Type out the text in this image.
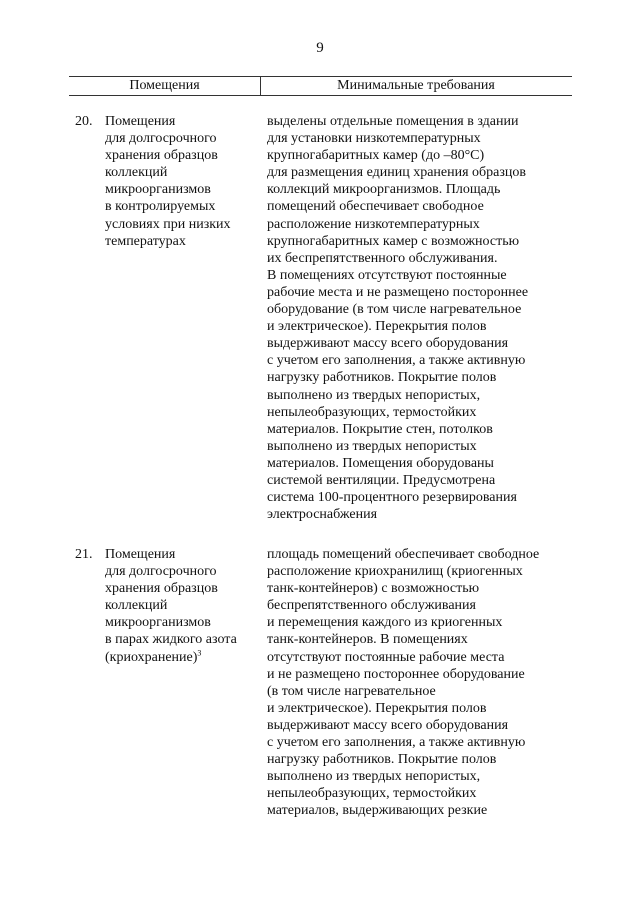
9
Помещения	Минимальные требования
20. Помещения
для долгосрочного
хранения образцов
коллекций
микроорганизмов
в контролируемых
условиях при низких
температурах
выделены отдельные помещения в здании
для установки низкотемпературных
крупногабаритных камер (до –80°С)
для размещения единиц хранения образцов
коллекций микроорганизмов. Площадь
помещений обеспечивает свободное
расположение низкотемпературных
крупногабаритных камер с возможностью
их беспрепятственного обслуживания.
В помещениях отсутствуют постоянные
рабочие места и не размещено постороннее
оборудование (в том числе нагревательное
и электрическое). Перекрытия полов
выдерживают массу всего оборудования
с учетом его заполнения, а также активную
нагрузку работников. Покрытие полов
выполнено из твердых непористых,
непылеобразующих, термостойких
материалов. Покрытие стен, потолков
выполнено из твердых непористых
материалов. Помещения оборудованы
системой вентиляции. Предусмотрена
система 100-процентного резервирования
электроснабжения
21. Помещения
для долгосрочного
хранения образцов
коллекций
микроорганизмов
в парах жидкого азота
(криохранение)$^3$
площадь помещений обеспечивает свободное
расположение криохранилищ (криогенных
танк-контейнеров) с возможностью
беспрепятственного обслуживания
и перемещения каждого из криогенных
танк-контейнеров. В помещениях
отсутствуют постоянные рабочие места
и не размещено постороннее оборудование
(в том числе нагревательное
и электрическое). Перекрытия полов
выдерживают массу всего оборудования
с учетом его заполнения, а также активную
нагрузку работников. Покрытие полов
выполнено из твердых непористых,
непылеобразующих, термостойких
материалов, выдерживающих резкие
